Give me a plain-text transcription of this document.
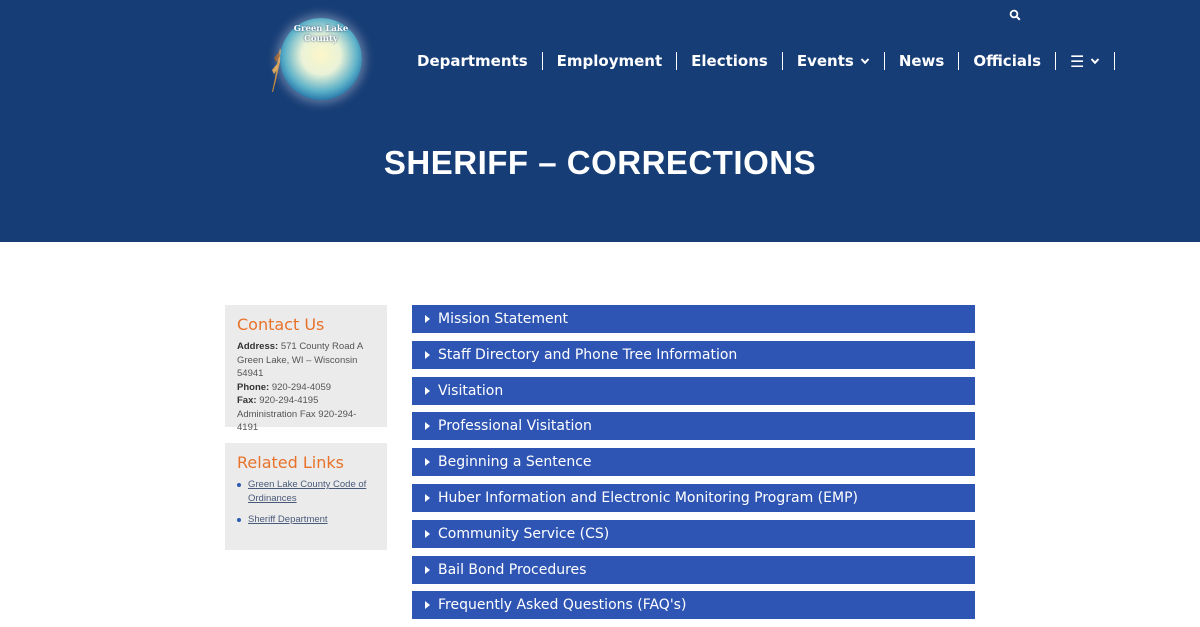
Green Lake
County
Departments Employment Elections Events	News Officials ☰
SHERIFF – CORRECTIONS
Contact Us
Address: 571 County Road A
Green Lake, WI – Wisconsin 54941
Phone: 920-294-4059
Fax: 920-294-4195
Administration Fax 920-294-4191
Related Links
Green Lake County Code of Ordinances
Sheriff Department
Mission Statement
Staff Directory and Phone Tree Information
Visitation
Professional Visitation
Beginning a Sentence
Huber Information and Electronic Monitoring Program (EMP)
Community Service (CS)
Bail Bond Procedures
Frequently Asked Questions (FAQ's)
